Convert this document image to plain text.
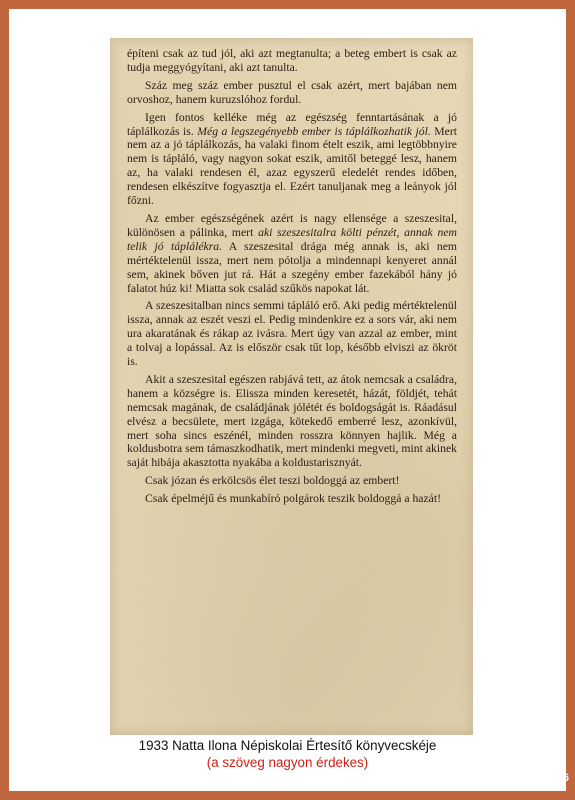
építeni csak az tud jól, aki azt megtanulta; a beteg embert is csak az tudja meggyógyítani, aki azt tanulta.

Száz meg száz ember pusztul el csak azért, mert bajában nem orvoshoz, hanem kuruzslóhoz fordul.

Igen fontos kelléke még az egészség fenntartásának a jó táplálkozás is. Még a legszegényebb ember is táplálkozhatik jól. Mert nem az a jó táplálkozás, ha valaki finom ételt eszik, ami legtöbbnyire nem is tápláló, vagy nagyon sokat eszik, amitől beteggé lesz, hanem az, ha valaki rendesen él, azaz egyszerű eledelét rendes időben, rendesen elkészítve fogyasztja el. Ezért tanuljanak meg a leányok jól főzni.

Az ember egészségének azért is nagy ellensége a szeszesital, különösen a pálinka, mert aki szeszesitalra költi pénzét, annak nem telik jó táplálékra. A szeszesital drága még annak is, aki nem mértéktelenül issza, mert nem pótolja a mindennapi kenyeret annál sem, akinek bőven jut rá. Hát a szegény ember fazekából hány jó falatot húz ki! Miatta sok család szűkös napokat lát.

A szeszesitalban nincs semmi tápláló erő. Aki pedig mértéktelenül issza, annak az eszét veszi el. Pedig mindenkire ez a sors vár, aki nem ura akaratának és rákap az ivásra. Mert úgy van azzal az ember, mint a tolvaj a lopással. Az is először csak tűt lop, később elviszi az ökröt is.

Akit a szeszesital egészen rabjává tett, az átok nemcsak a családra, hanem a községre is. Elissza minden keresetét, házát, földjét, tehát nemcsak magának, de családjának jólétét és boldogságát is. Ráadásul elvész a becsülete, mert izgága, kötekedő emberré lesz, azonkívül, mert soha sincs eszénél, minden rosszra könnyen hajlik. Még a koldusbotra sem támaszkodhatik, mert mindenki megveti, mint akinek saját hibája akasztotta nyakába a koldustarisznyát.

Csak józan és erkölcsös élet teszi boldoggá az embert!

Csak épelméjű és munkabíró polgárok teszik boldoggá a hazát!

1933 Natta Ilona Népiskolai Értesítő könyvecskéje
(a szöveg nagyon érdekes)
2004/496
